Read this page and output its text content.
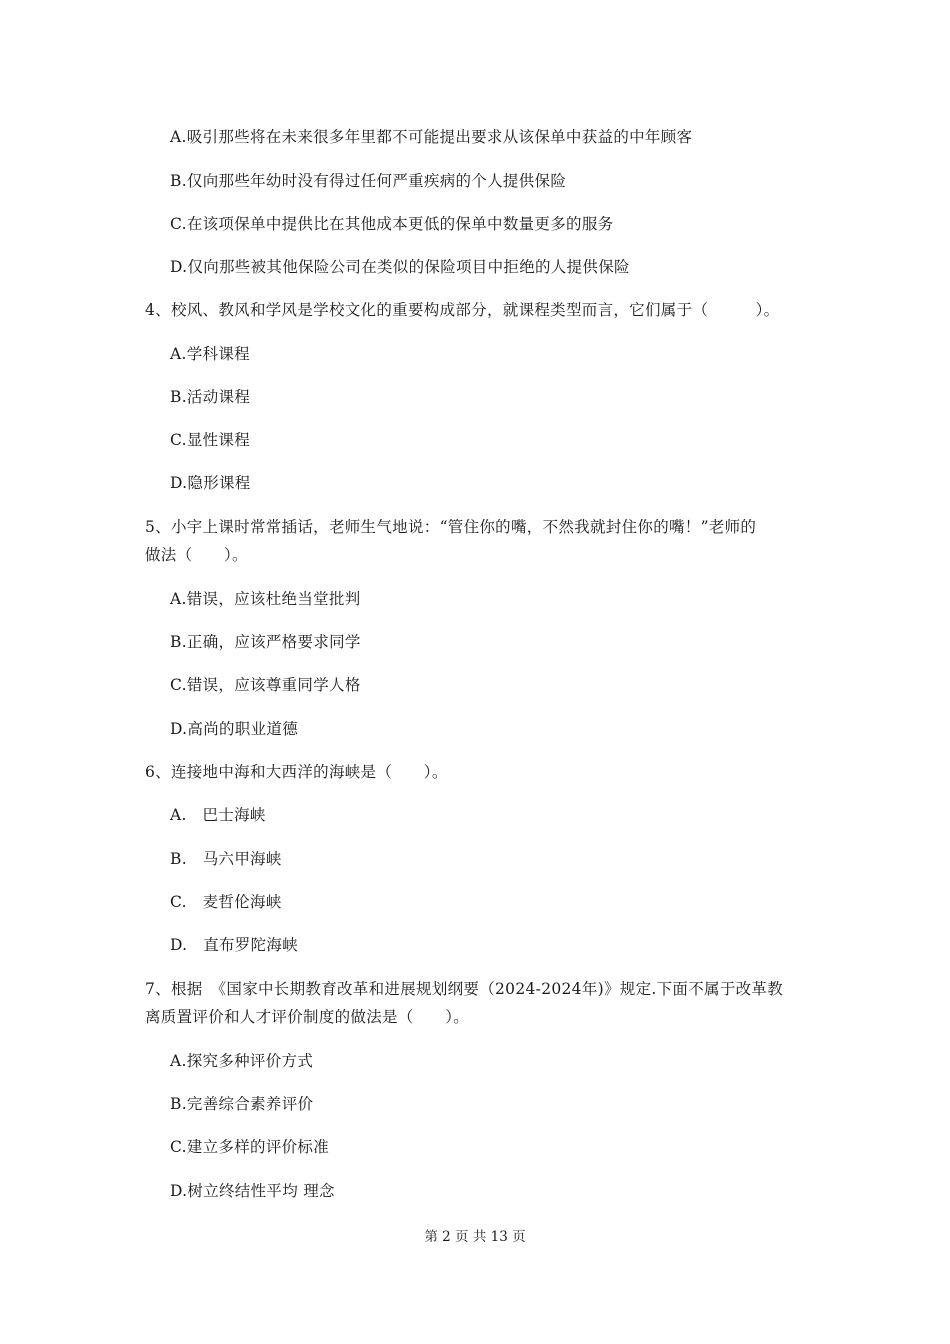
A.吸引那些将在未来很多年里都不可能提出要求从该保单中获益的中年顾客
B.仅向那些年幼时没有得过任何严重疾病的个人提供保险
C.在该项保单中提供比在其他成本更低的保单中数量更多的服务
D.仅向那些被其他保险公司在类似的保险项目中拒绝的人提供保险
4、校风、教风和学风是学校文化的重要构成部分，就课程类型而言，它们属于（　　　）。
A.学科课程
B.活动课程
C.显性课程
D.隐形课程
5、小宇上课时常常插话，老师生气地说：“管住你的嘴，不然我就封住你的嘴！”老师的
做法（　　）。
A.错误，应该杜绝当堂批判
B.正确，应该严格要求同学
C.错误，应该尊重同学人格
D.高尚的职业道德
6、连接地中海和大西洋的海峡是（　　）。
A.　巴士海峡
B.　马六甲海峡
C.　麦哲伦海峡
D.　直布罗陀海峡
7、根据　《国家中长期教育改革和进展规划纲要（2024-2024年)》规定.下面不属于改革教
离质置评价和人才评价制度的做法是（　　）。
A.探究多种评价方式
B.完善综合素养评价
C.建立多样的评价标准
D.树立终结性平均 理念
第 2 页 共 13 页
